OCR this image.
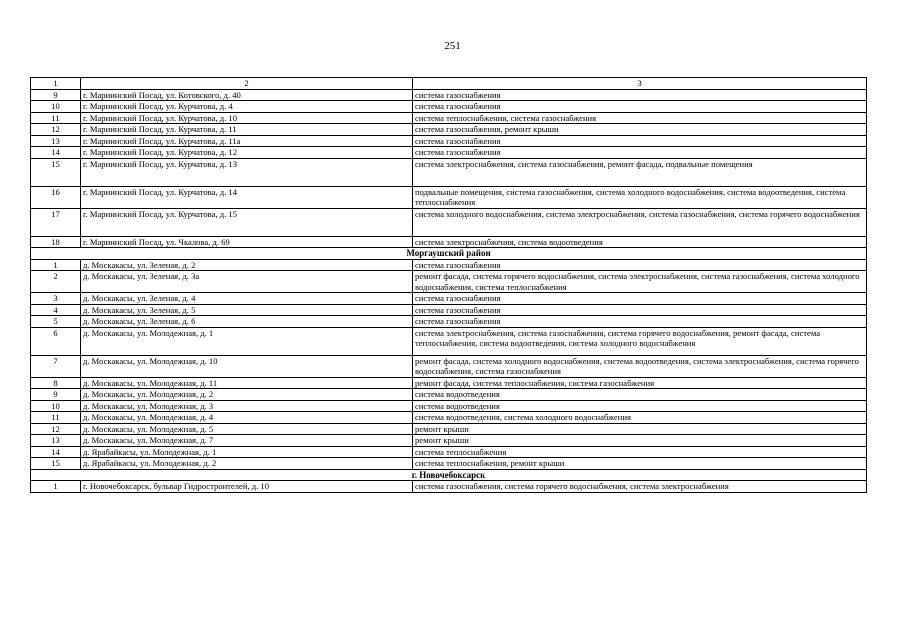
251
1	2	3
9	г. Мариинский Посад, ул. Котовского, д. 40	система газоснабжения
10	г. Мариинский Посад, ул. Курчатова, д. 4	система газоснабжения
11	г. Мариинский Посад, ул. Курчатова, д. 10	система теплоснабжения, система газоснабжения
12	г. Мариинский Посад, ул. Курчатова, д. 11	система газоснабжения, ремонт крыши
13	г. Мариинский Посад, ул. Курчатова, д. 11а	система газоснабжения
14	г. Мариинский Посад, ул. Курчатова, д. 12	система газоснабжения
15	г. Мариинский Посад, ул. Курчатова, д. 13	система электроснабжения, система газоснабжения, ремонт фасада, подвальные помещения
16	г. Мариинский Посад, ул. Курчатова, д. 14	подвальные помещения, система газоснабжения, система холодного водоснабжения, система водоотведения, система теплоснабжения
17	г. Мариинский Посад, ул. Курчатова, д. 15	система холодного водоснабжения, система электроснабжения, система газоснабжения, система горячего водоснабжения
18	г. Мариинский Посад, ул. Чкалова, д. 69	система электроснабжения, система водоотведения
Моргаушский район		
1	д. Москакасы, ул. Зеленая, д. 2	система газоснабжения
2	д. Москакасы, ул. Зеленая, д. 3а	ремонт фасада, система горячего водоснабжения, система электроснабжения, система газоснабжения, система холодного водоснабжения, система теплоснабжения
3	д. Москакасы, ул. Зеленая, д. 4	система газоснабжения
4	д. Москакасы, ул. Зеленая, д. 5	система газоснабжения
5	д. Москакасы, ул. Зеленая, д. 6	система газоснабжения
6	д. Москакасы, ул. Молодежная, д. 1	система электроснабжения, система газоснабжения, система горячего водоснабжения, ремонт фасада, система теплоснабжения, система водоотведения, система холодного водоснабжения
7	д. Москакасы, ул. Молодежная, д. 10	ремонт фасада, система холодного водоснабжения, система водоотведения, система электроснабжения, система горячего водоснабжения, система газоснабжения
8	д. Москакасы, ул. Молодежная, д. 11	ремонт фасада, система теплоснабжения, система газоснабжения
9	д. Москакасы, ул. Молодежная, д. 2	система водоотведения
10	д. Москакасы, ул. Молодежная, д. 3	система водоотведения
11	д. Москакасы, ул. Молодежная, д. 4	система водоотведения, система холодного водоснабжения
12	д. Москакасы, ул. Молодежная, д. 5	ремонт крыши
13	д. Москакасы, ул. Молодежная, д. 7	ремонт крыши
14	д. Ярабайкасы, ул. Молодежная, д. 1	система теплоснабжения
15	д. Ярабайкасы, ул. Молодежная, д. 2	система теплоснабжения, ремонт крыши
г. Новочебоксарск		
1	г. Новочебоксарск, бульвар Гидростроителей, д. 10	система газоснабжения, система горячего водоснабжения, система электроснабжения
